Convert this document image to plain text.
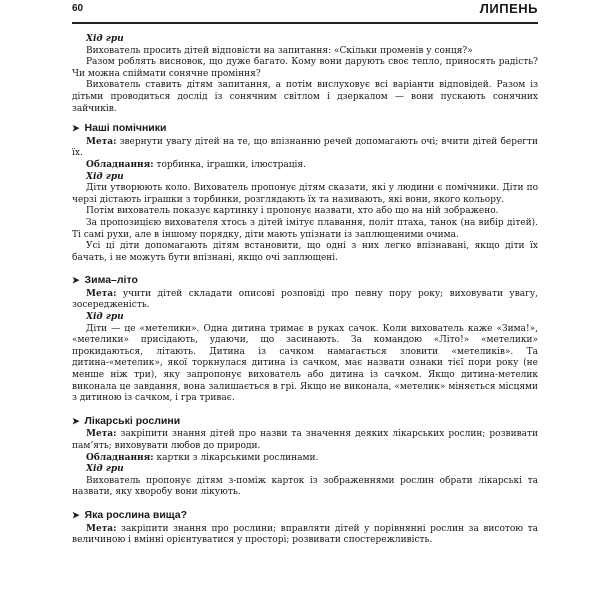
60	ЛИПЕНЬ

Хід гри

Вихователь просить дітей відповісти на запитання: «Скільки променів у сонця?»

Разом роблять висновок, що дуже багато. Кому вони дарують своє тепло, приносять радість? Чи можна спіймати сонячне проміння?

Вихователь ставить дітям запитання, а потім вислуховує всі варіанти відповідей. Разом із дітьми проводиться дослід із сонячним світлом і дзеркалом — вони пускають сонячних зайчиків.

➤ Наші помічники

Мета: звернути увагу дітей на те, що впізнанню речей допомагають очі; вчити дітей берегти їх.

Обладнання: торбинка, іграшки, ілюстрація.

Хід гри

Діти утворюють коло. Вихователь пропонує дітям сказати, які у людини є помічники. Діти по черзі дістають іграшки з торбинки, розглядають їх та називають, які вони, якого кольору.

Потім вихователь показує картинку і пропонує назвати, хто або що на ній зображено.

За пропозицією вихователя хтось з дітей імітує плавання, політ птаха, танок (на вибір дітей). Ті самі рухи, але в іншому порядку, діти мають упізнати із заплющеними очима.

Усі ці діти допомагають дітям встановити, що одні з них легко впізнавані, якщо діти їх бачать, і не можуть бути впізнані, якщо очі заплющені.

➤ Зима–літо

Мета: учити дітей складати описові розповіді про певну пору року; виховувати увагу, зосередженість.

Хід гри

Діти — це «метелики». Одна дитина тримає в руках сачок. Коли вихователь каже «Зима!», «метелики» присідають, удаючи, що засинають. За командою «Літо!» «метелики» прокидаються, літають. Дитина із сачком намагається зловити «метеликів». Та дитина-«метелик», якої торкнулася дитина із сачком, має назвати ознаки тієї пори року (не менше ніж три), яку запропонує вихователь або дитина із сачком. Якщо дитина-метелик виконала це завдання, вона залишається в грі. Якщо не виконала, «метелик» міняється місцями з дитиною із сачком, і гра триває.

➤ Лікарські рослини

Мета: закріпити знання дітей про назви та значення деяких лікарських рослин; розвивати пам’ять; виховувати любов до природи.

Обладнання: картки з лікарськими рослинами.

Хід гри

Вихователь пропонує дітям з-поміж карток із зображеннями рослин обрати лікарські та назвати, яку хворобу вони лікують.

➤ Яка рослина вища?

Мета: закріпити знання про рослини; вправляти дітей у порівнянні рослин за висотою та величиною і вмінні орієнтуватися у просторі; розвивати спостережливість.
